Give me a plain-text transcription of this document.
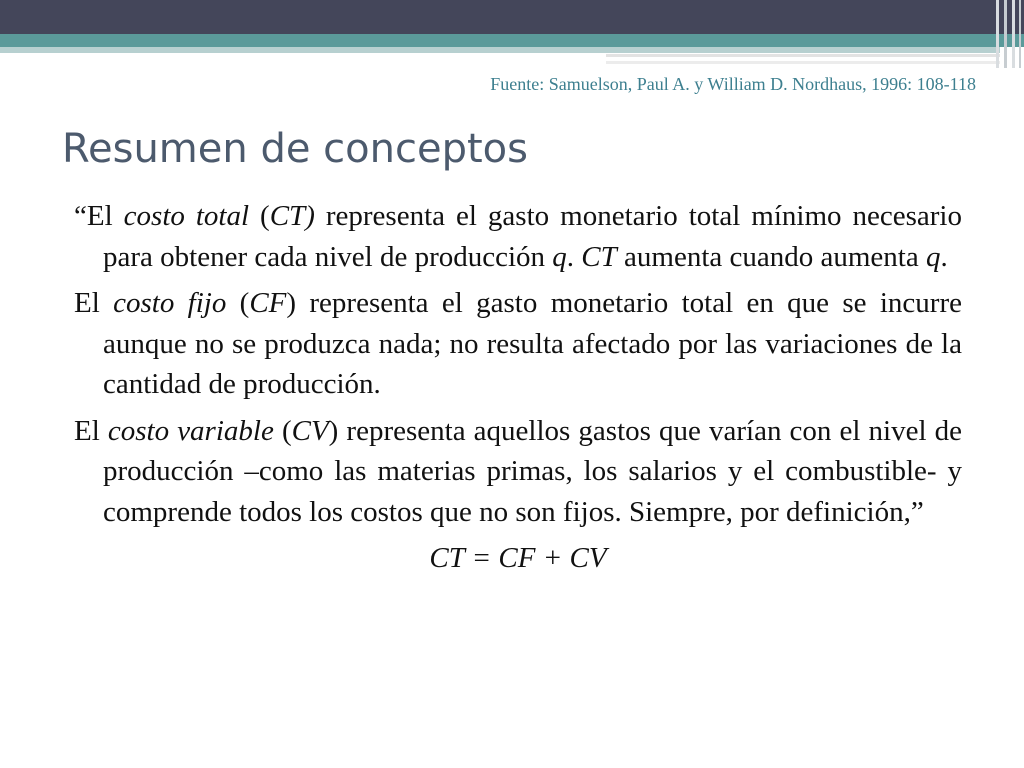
Fuente: Samuelson, Paul A. y William D. Nordhaus, 1996: 108-118
Resumen de conceptos

“El costo total (CT) representa el gasto monetario total mínimo necesario para obtener cada nivel de producción q. CT aumenta cuando aumenta q.

El costo fijo (CF) representa el gasto monetario total en que se incurre aunque no se produzca nada; no resulta afectado por las variaciones de la cantidad de producción.

El costo variable (CV) representa aquellos gastos que varían con el nivel de producción –como las materias primas, los salarios y el combustible- y comprende todos los costos que no son fijos. Siempre, por definición,”

CT = CF + CV
